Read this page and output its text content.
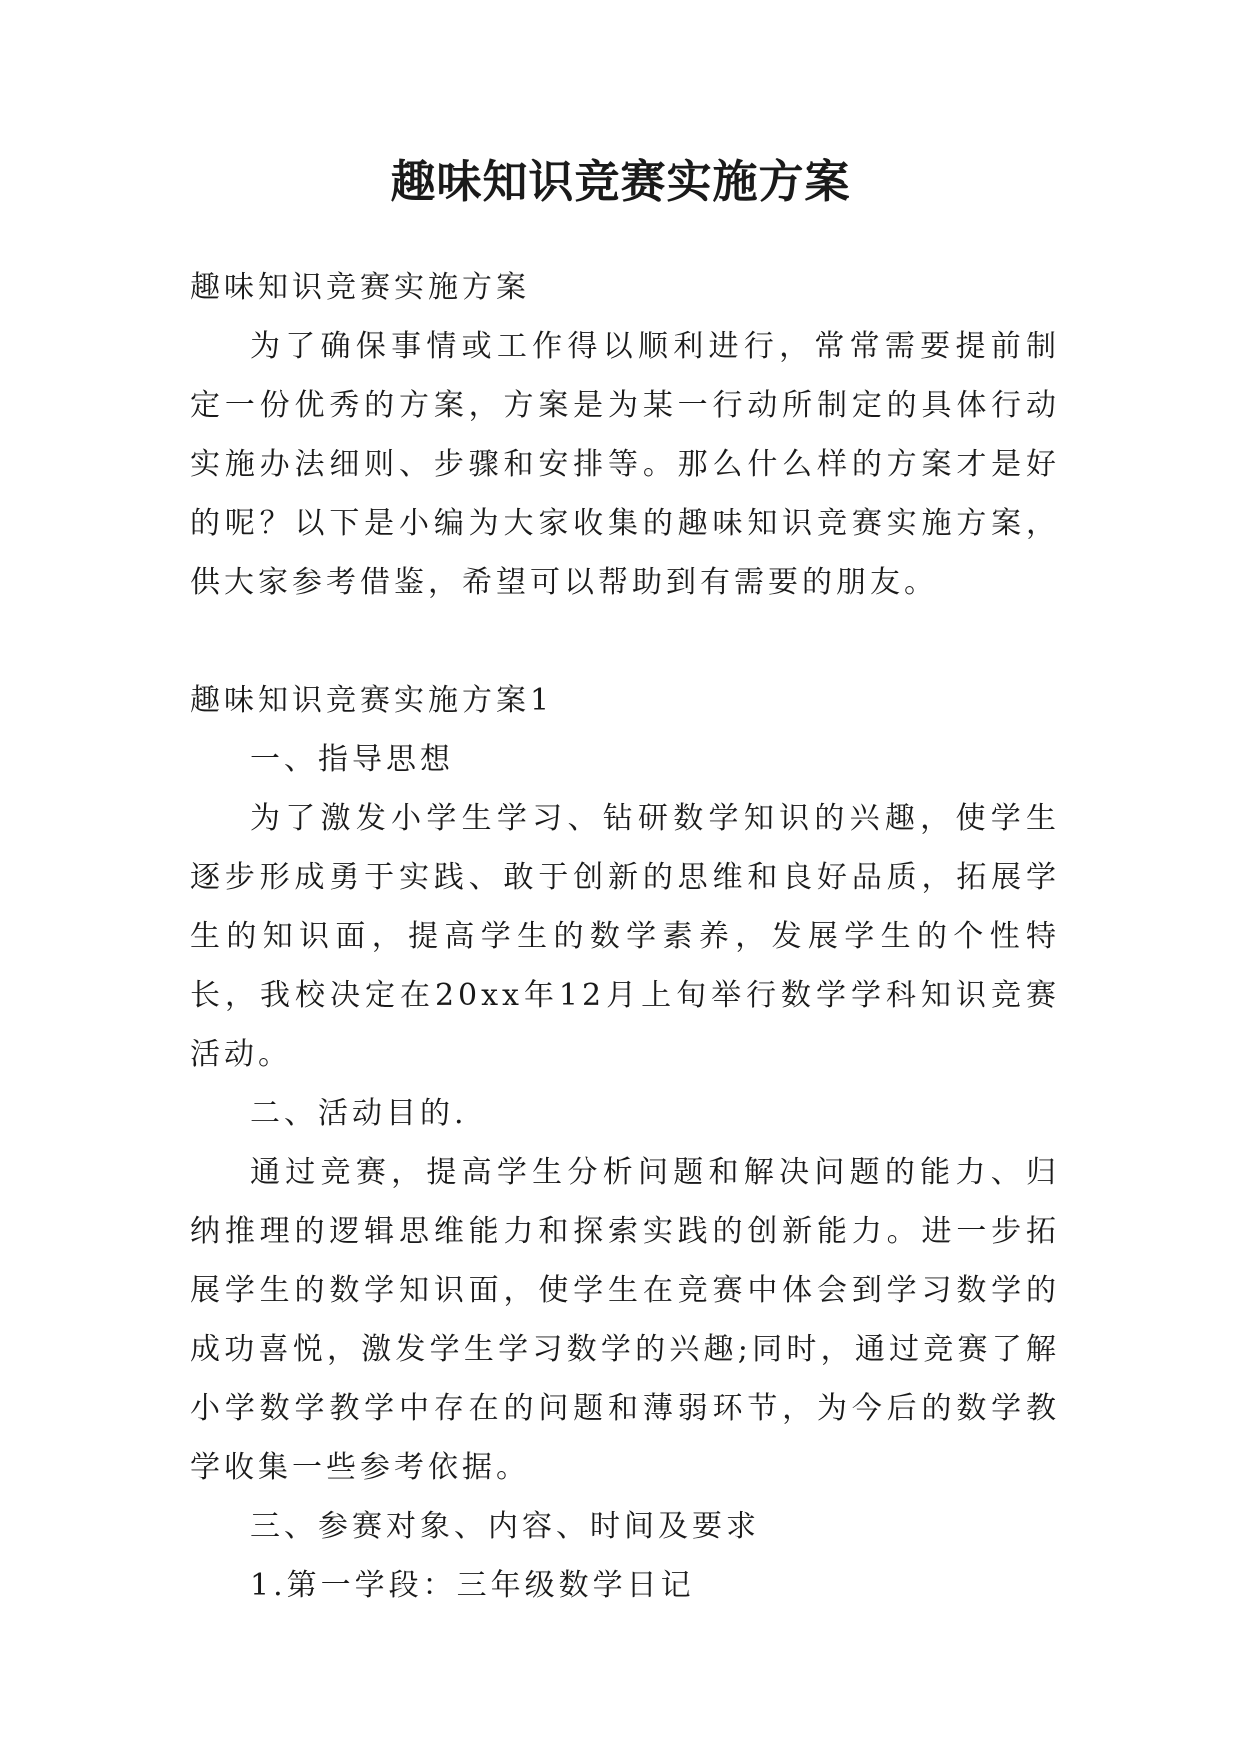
趣味知识竞赛实施方案

趣味知识竞赛实施方案

为了确保事情或工作得以顺利进行，常常需要提前制定一份优秀的方案，方案是为某一行动所制定的具体行动实施办法细则、步骤和安排等。那么什么样的方案才是好的呢？以下是小编为大家收集的趣味知识竞赛实施方案，供大家参考借鉴，希望可以帮助到有需要的朋友。

趣味知识竞赛实施方案1

一、指导思想

为了激发小学生学习、钻研数学知识的兴趣，使学生逐步形成勇于实践、敢于创新的思维和良好品质，拓展学生的知识面，提高学生的数学素养，发展学生的个性特长，我校决定在20xx年12月上旬举行数学学科知识竞赛活动。

二、活动目的.

通过竞赛，提高学生分析问题和解决问题的能力、归纳推理的逻辑思维能力和探索实践的创新能力。进一步拓展学生的数学知识面，使学生在竞赛中体会到学习数学的成功喜悦，激发学生学习数学的兴趣;同时，通过竞赛了解小学数学教学中存在的问题和薄弱环节，为今后的数学教学收集一些参考依据。

三、参赛对象、内容、时间及要求

1.第一学段：三年级数学日记
